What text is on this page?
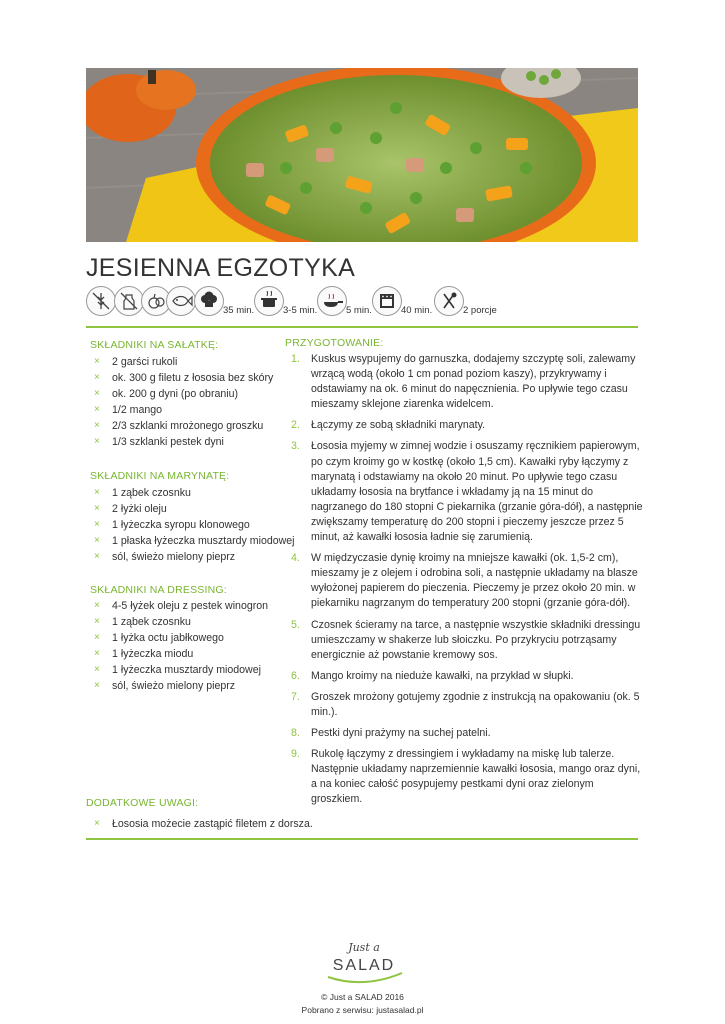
JESIENNA EGZOTYKA
35 min.	3-5 min.	5 min.	40 min.	2 porcje
SKŁADNIKI NA SAŁATKĘ:
× 2 garści rukoli
× ok. 300 g filetu z łososia bez skóry
× ok. 200 g dyni (po obraniu)
× 1/2 mango
× 2/3 szklanki mrożonego groszku
× 1/3 szklanki pestek dyni
SKŁADNIKI NA MARYNATĘ:
× 1 ząbek czosnku
× 2 łyżki oleju
× 1 łyżeczka syropu klonowego
× 1 płaska łyżeczka musztardy miodowej
× sól, świeżo mielony pieprz
SKŁADNIKI NA DRESSING:
× 4-5 łyżek oleju z pestek winogron
× 1 ząbek czosnku
× 1 łyżka octu jabłkowego
× 1 łyżeczka miodu
× 1 łyżeczka musztardy miodowej
× sól, świeżo mielony pieprz
PRZYGOTOWANIE:
1. Kuskus wsypujemy do garnuszka, dodajemy szczyptę soli, zalewamy wrzącą wodą (około 1 cm ponad poziom kaszy), przykrywamy i odstawiamy na ok. 6 minut do napęcznienia. Po upływie tego czasu mieszamy sklejone ziarenka widelcem.
2. Łączymy ze sobą składniki marynaty.
3. Łososia myjemy w zimnej wodzie i osuszamy ręcznikiem papierowym, po czym kroimy go w kostkę (około 1,5 cm). Kawałki ryby łączymy z marynatą i odstawiamy na około 20 minut. Po upływie tego czasu układamy łososia na brytfance i wkładamy ją na 15 minut do nagrzanego do 180 stopni C piekarnika (grzanie góra-dół), a następnie zwiększamy temperaturę do 200 stopni i pieczemy jeszcze przez 5 minut, aż kawałki łososia ładnie się zarumienią.
4. W międzyczasie dynię kroimy na mniejsze kawałki (ok. 1,5-2 cm), mieszamy je z olejem i odrobina soli, a następnie układamy na blasze wyłożonej papierem do pieczenia. Pieczemy je przez około 20 min. w piekarniku nagrzanym do temperatury 200 stopni (grzanie góra-dół).
5. Czosnek ścieramy na tarce, a następnie wszystkie składniki dressingu umieszczamy w shakerze lub słoiczku. Po przykryciu potrząsamy energicznie aż powstanie kremowy sos.
6. Mango kroimy na nieduże kawałki, na przykład w słupki.
7. Groszek mrożony gotujemy zgodnie z instrukcją na opakowaniu (ok. 5 min.).
8. Pestki dyni prażymy na suchej patelni.
9. Rukolę łączymy z dressingiem i wykładamy na miskę lub talerze. Następnie układamy naprzemiennie kawałki łososia, mango oraz dyni, a na koniec całość posypujemy pestkami dyni oraz zielonym groszkiem.
DODATKOWE UWAGI:
× Łososia możecie zastąpić filetem z dorsza.
Just a
SALAD
© Just a SALAD 2016
Pobrano z serwisu: justasalad.pl
